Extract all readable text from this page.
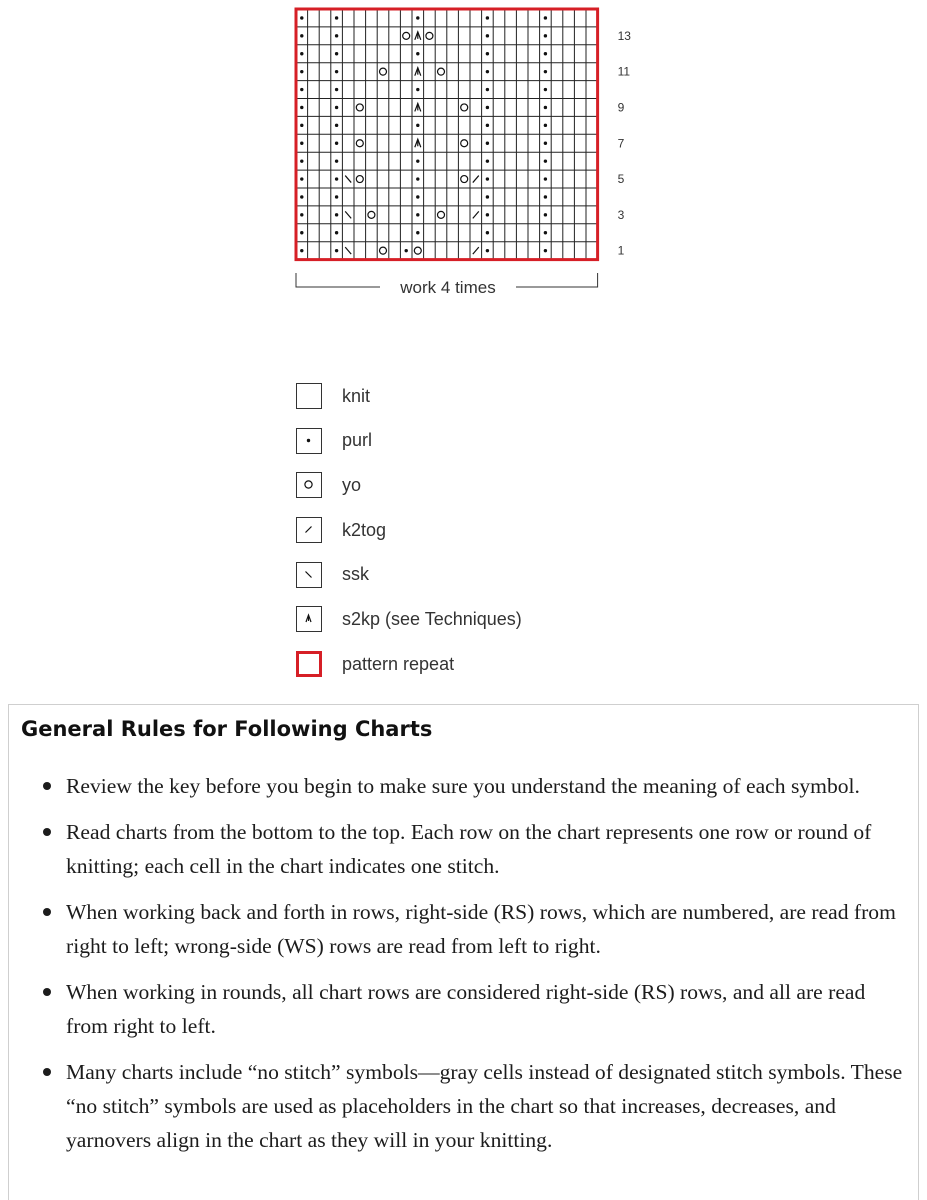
13
11
9
7
5
3
1
work 4 times
knit
purl
yo
k2tog
ssk
s2kp (see Techniques)
pattern repeat
General Rules for Following Charts
Review the key before you begin to make sure you understand the meaning of each symbol.
Read charts from the bottom to the top. Each row on the chart represents one row or round of knitting; each cell in the chart indicates one stitch.
When working back and forth in rows, right-side (RS) rows, which are numbered, are read from right to left; wrong-side (WS) rows are read from left to right.
When working in rounds, all chart rows are considered right-side (RS) rows, and all are read from right to left.
Many charts include “no stitch” symbols—gray cells instead of designated stitch symbols. These “no stitch” symbols are used as placeholders in the chart so that increases, decreases, and yarnovers align in the chart as they will in your knitting.
